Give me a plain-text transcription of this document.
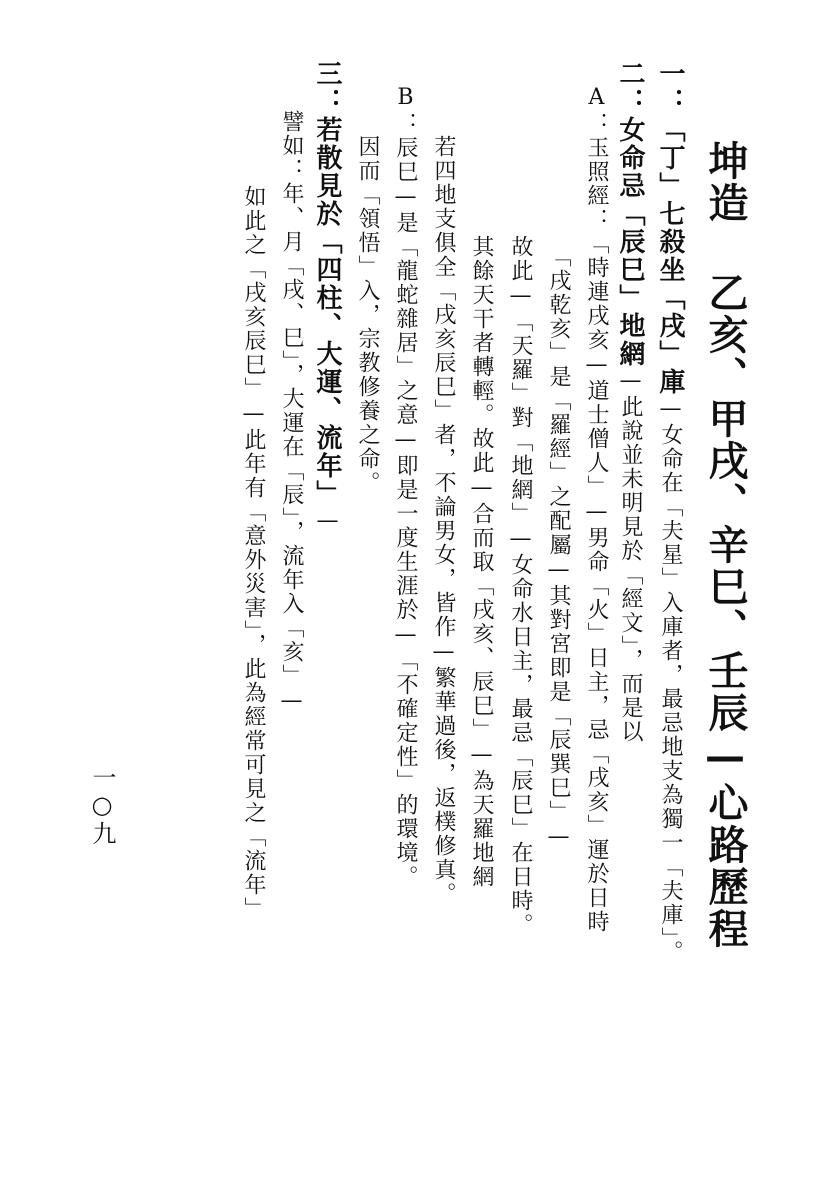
坤造 乙亥、甲戌、辛巳、壬辰—心路歷程
一：「丁」七殺坐「戌」庫—女命在「夫星」入庫者，最忌地支為獨一「夫庫」。
二：女命忌「辰巳」地網—此說並未明見於「經文」，而是以
A：玉照經：「時連戌亥—道士僧人」—男命「火」日主，忌「戌亥」運於日時
「戌乾亥」是「羅經」之配屬—其對宮即是「辰巽巳」—
故此—「天羅」對「地網」—女命水日主，最忌「辰巳」在日時。
其餘天干者轉輕。故此—合而取「戌亥、辰巳」—為天羅地網
若四地支俱全「戌亥辰巳」者，不論男女，皆作—繁華過後，返樸修真。
B：辰巳—是「龍蛇雜居」之意—即是一度生涯於—「不確定性」的環境。
因而「領悟」入，宗教修養之命。
三：若散見於「四柱、大運、流年」—
譬如：年、月「戌、巳」，大運在「辰」，流年入「亥」—
如此之「戌亥辰巳」—此年有「意外災害」，此為經常可見之「流年」
一○九
